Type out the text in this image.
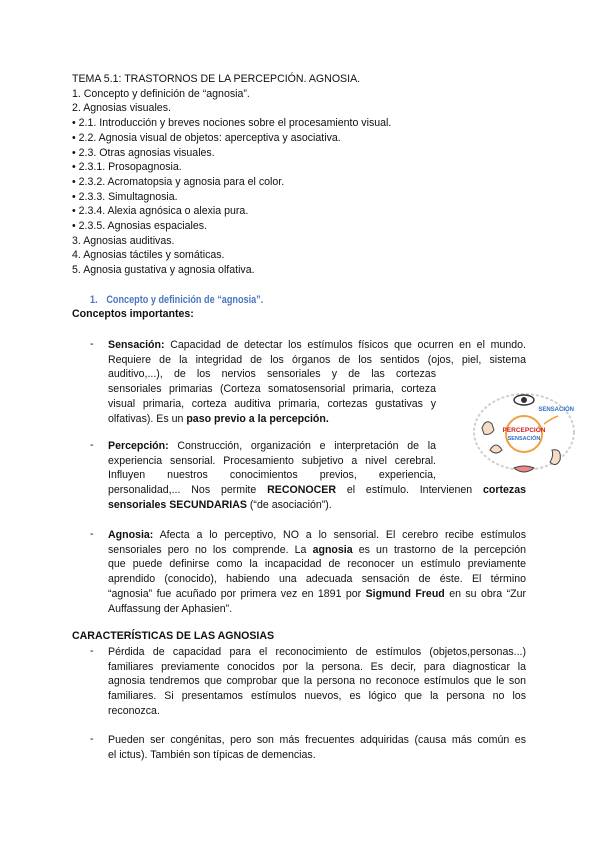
TEMA 5.1: TRASTORNOS DE LA PERCEPCIÓN. AGNOSIA.
1. Concepto y definición de “agnosia”.
2. Agnosias visuales.
• 2.1. Introducción y breves nociones sobre el procesamiento visual.
• 2.2. Agnosia visual de objetos: aperceptiva y asociativa.
• 2.3. Otras agnosias visuales.
• 2.3.1. Prosopagnosia.
• 2.3.2. Acromatopsia y agnosia para el color.
• 2.3.3. Simultagnosia.
• 2.3.4. Alexia agnósica o alexia pura.
• 2.3.5. Agnosias espaciales.
3. Agnosias auditivas.
4. Agnosias táctiles y somáticas.
5. Agnosia gustativa y agnosia olfativa.
1. Concepto y definición de “agnosia”.
Conceptos importantes:
- Sensación: Capacidad de detectar los estímulos físicos que ocurren en el mundo.
Requiere de la integridad de los órganos de los sentidos (ojos, piel, sistema
auditivo,...), de los nervios sensoriales y de las cortezas
sensoriales primarias (Corteza somatosensorial primaria, corteza
visual primaria, corteza auditiva primaria, cortezas gustativas y
olfativas). Es un paso previo a la percepción.
- Percepción: Construcción, organización e interpretación de la
experiencia sensorial. Procesamiento subjetivo a nivel cerebral.
Influyen nuestros conocimientos previos, experiencia,
personalidad,... Nos permite RECONOCER el estímulo. Intervienen cortezas
sensoriales SECUNDARIAS (“de asociación”).
- Agnosia: Afecta a lo perceptivo, NO a lo sensorial. El cerebro recibe estímulos
sensoriales pero no los comprende. La agnosia es un trastorno de la percepción
que puede definirse como la incapacidad de reconocer un estímulo previamente
aprendido (conocido), habiendo una adecuada sensación de éste. El término
“agnosia” fue acuñado por primera vez en 1891 por Sigmund Freud en su obra “Zur
Auffassung der Aphasien”.
CARACTERÍSTICAS DE LAS AGNOSIAS
- Pérdida de capacidad para el reconocimiento de estímulos (objetos,personas...)
familiares previamente conocidos por la persona. Es decir, para diagnosticar la
agnosia tendremos que comprobar que la persona no reconoce estímulos que le son
familiares. Si presentamos estímulos nuevos, es lógico que la persona no los
reconozca.
- Pueden ser congénitas, pero son más frecuentes adquiridas (causa más común es
el ictus). También son típicas de demencias.
PERCEPCIÓN
SENSACIÓN
SENSACIÓN
